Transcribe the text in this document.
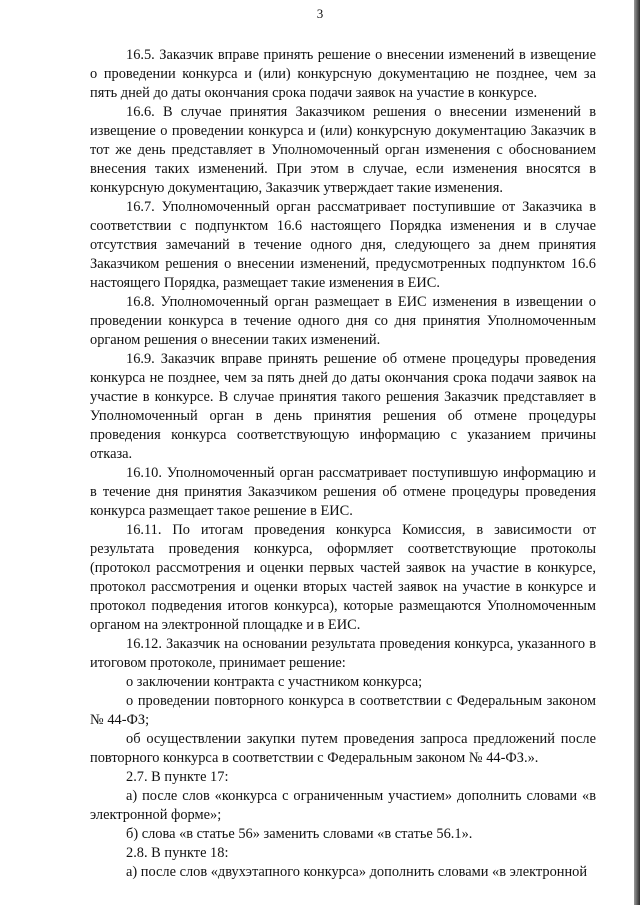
3

16.5. Заказчик вправе принять решение о внесении изменений в извещение о проведении конкурса и (или) конкурсную документацию не позднее, чем за пять дней до даты окончания срока подачи заявок на участие в конкурсе.

16.6. В случае принятия Заказчиком решения о внесении изменений в извещение о проведении конкурса и (или) конкурсную документацию Заказчик в тот же день представляет в Уполномоченный орган изменения с обоснованием внесения таких изменений. При этом в случае, если изменения вносятся в конкурсную документацию, Заказчик утверждает такие изменения.

16.7. Уполномоченный орган рассматривает поступившие от Заказчика в соответствии с подпунктом 16.6 настоящего Порядка изменения и в случае отсутствия замечаний в течение одного дня, следующего за днем принятия Заказчиком решения о внесении изменений, предусмотренных подпунктом 16.6 настоящего Порядка, размещает такие изменения в ЕИС.

16.8. Уполномоченный орган размещает в ЕИС изменения в извещении о проведении конкурса в течение одного дня со дня принятия Уполномоченным органом решения о внесении таких изменений.

16.9. Заказчик вправе принять решение об отмене процедуры проведения конкурса не позднее, чем за пять дней до даты окончания срока подачи заявок на участие в конкурсе. В случае принятия такого решения Заказчик представляет в Уполномоченный орган в день принятия решения об отмене процедуры проведения конкурса соответствующую информацию с указанием причины отказа.

16.10. Уполномоченный орган рассматривает поступившую информацию и в течение дня принятия Заказчиком решения об отмене процедуры проведения конкурса размещает такое решение в ЕИС.

16.11. По итогам проведения конкурса Комиссия, в зависимости от результата проведения конкурса, оформляет соответствующие протоколы (протокол рассмотрения и оценки первых частей заявок на участие в конкурсе, протокол рассмотрения и оценки вторых частей заявок на участие в конкурсе и протокол подведения итогов конкурса), которые размещаются Уполномоченным органом на электронной площадке и в ЕИС.

16.12. Заказчик на основании результата проведения конкурса, указанного в итоговом протоколе, принимает решение:

о заключении контракта с участником конкурса;

о проведении повторного конкурса в соответствии с Федеральным законом № 44-ФЗ;

об осуществлении закупки путем проведения запроса предложений после повторного конкурса в соответствии с Федеральным законом № 44-ФЗ.».

2.7. В пункте 17:

а) после слов «конкурса с ограниченным участием» дополнить словами «в электронной форме»;

б) слова «в статье 56» заменить словами «в статье 56.1».

2.8. В пункте 18:

а) после слов «двухэтапного конкурса» дополнить словами «в электронной
